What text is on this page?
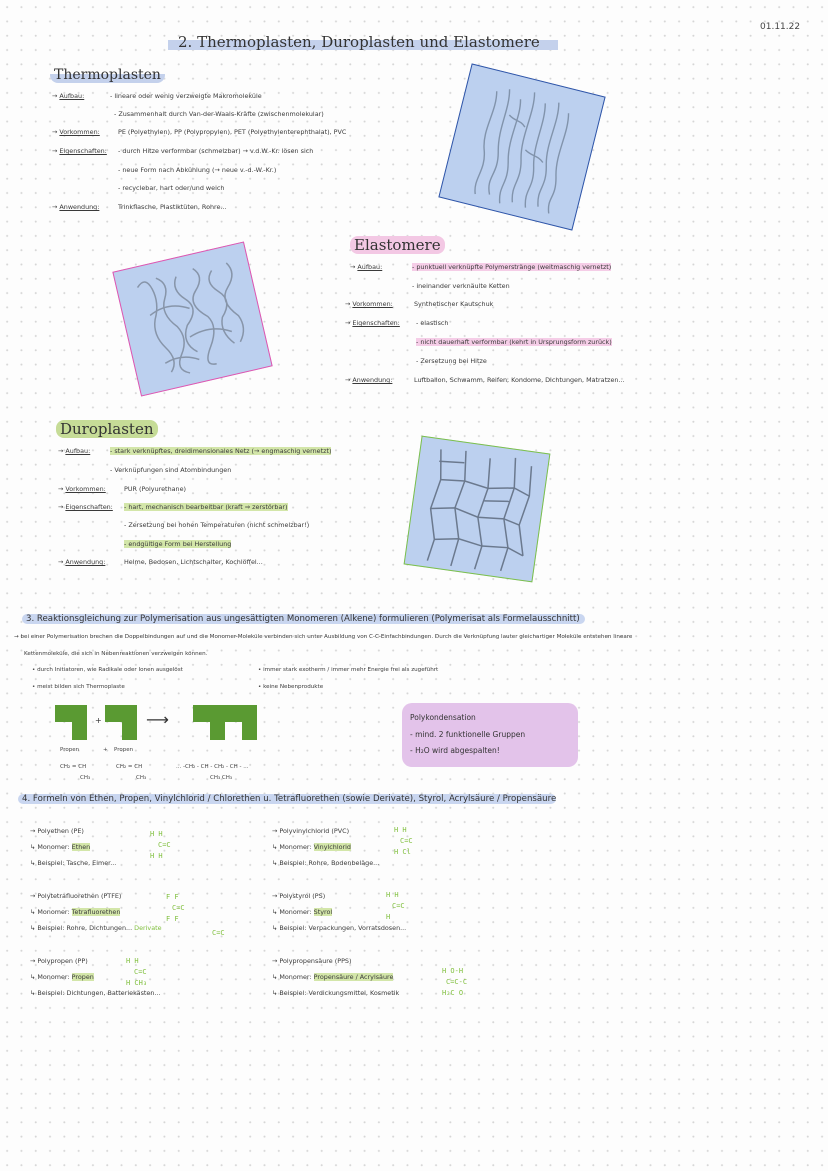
01.11.22
2. Thermoplasten, Duroplasten und Elastomere
Thermoplasten
→ Aufbau:	- lineare oder wenig verzweigte Makromoleküle
- Zusammenhalt durch Van-der-Waals-Kräfte (zwischenmolekular)
→ Vorkommen:	PE (Polyethylen), PP (Polypropylen), PET (Polyethylenterephthalat), PVC
→ Eigenschaften: - durch Hitze verformbar (schmelzbar) → v.d.W.-Kr. lösen sich
- neue Form nach Abkühlung (→ neue v.-d.-W.-Kr.)
- recyclebar, hart oder/und weich
→ Anwendung:	Trinkflasche, Plastiktüten, Rohre...
Elastomere
→ Aufbau:	- punktuell verknüpfte Polymerstränge (weitmaschig vernetzt)
- ineinander verknäulte Ketten
→ Vorkommen:	Synthetischer Kautschuk
→ Eigenschaften:	- elastisch
- nicht dauerhaft verformbar (kehrt in Ursprungsform zurück)
- Zersetzung bei Hitze
→ Anwendung:	Luftballon, Schwamm, Reifen, Kondome, Dichtungen, Matratzen...
Duroplasten
→ Aufbau:	- stark verknüpftes, dreidimensionales Netz (→ engmaschig vernetzt)
- Verknüpfungen sind Atombindungen
→ Vorkommen:	PUR (Polyurethane)
→ Eigenschaften: - hart, mechanisch bearbeitbar (kraft ⇒ zerstörbar)
- Zersetzung bei hohen Temperaturen (nicht schmelzbar!)
- endgültige Form bei Herstellung
→ Anwendung:	Helme, Bedosen, Lichtschalter, Kochlöffel...
3. Reaktionsgleichung zur Polymerisation aus ungesättigten Monomeren (Alkene) formulieren (Polymerisat als Formelausschnitt)
→ bei einer Polymerisation brechen die Doppelbindungen auf und die Monomer-Moleküle verbinden sich unter Ausbildung von C-C-Einfachbindungen. Durch die Verknüpfung lauter gleichartiger Moleküle entstehen lineare
Kettenmoleküle, die sich in Nebenreaktionen verzweigen können.
• durch Initiatoren, wie Radikale oder Ionen ausgelöst
• meist bilden sich Thermoplaste
• immer stark exotherm / immer mehr Energie frei als zugeführt
• keine Nebenprodukte
+	⟶
Propen	+ Propen
CH₂ = CH
CH₃
CH₂ = CH
CH₃
... -CH₂ - CH - CH₂ - CH - ...
CH₃ CH₃
Polykondensation
- mind. 2 funktionelle Gruppen
- H₂O wird abgespalten!
4. Formeln von Ethen, Propen, Vinylchlorid / Chlorethen u. Tetrafluorethen (sowie Derivate), Styrol, Acrylsäure / Propensäure
→ Polyethen (PE)
↳ Monomer: Ethen
↳ Beispiel: Tasche, Eimer...
H H
C=C
H H
→ Polytetrafluorethen (PTFE)
↳ Monomer: Tetrafluorethen
↳ Beispiel: Rohre, Dichtungen... Derivate
F F
C=C
F F
C=C
→ Polypropen (PP)
↳ Monomer: Propen
↳ Beispiel: Dichtungen, Batteriekästen...
H H
C=C
H CH₃
→ Polyvinylchlorid (PVC)
↳ Monomer: Vinylchlorid
↳ Beispiel: Rohre, Bodenbeläge...
H H
C=C
H Cl
→ Polystyrol (PS)
↳ Monomer: Styrol
↳ Beispiel: Verpackungen, Vorratsdosen...
H H
C=C
H
→ Polypropensäure (PPS)
↳ Monomer: Propensäure / Acrylsäure
↳ Beispiel: Verdickungsmittel, Kosmetik
H O-H
C=C-C
H₂C O
